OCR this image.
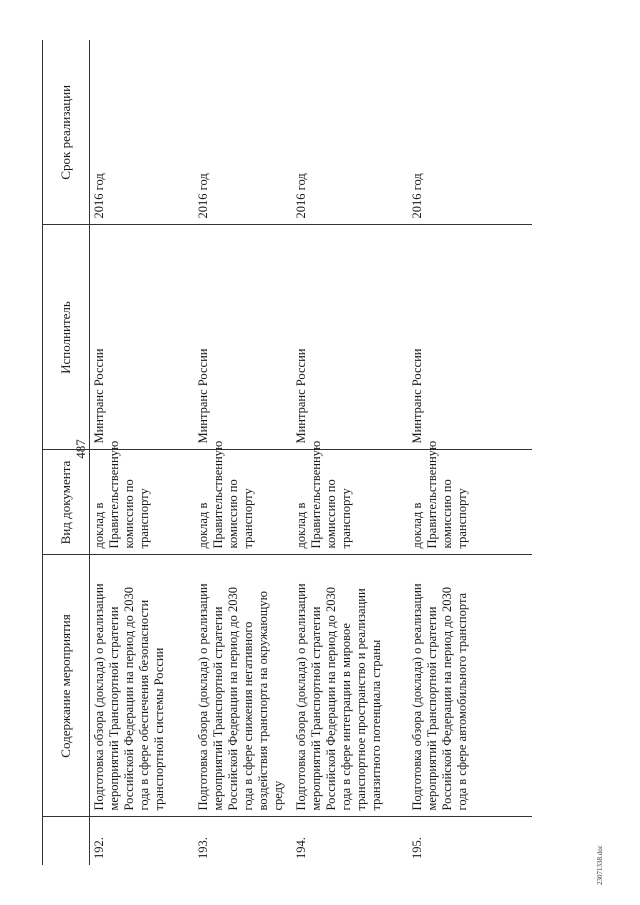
487
	Содержание мероприятия	Вид документа	Исполнитель	Срок реализации
192.	Подготовка обзора (доклада) о реализации мероприятий Транспортной стратегии Российской Федерации на период до 2030 года в сфере обеспечения безопасности транспортной системы России	доклад в Правительственную комиссию по транспорту	Минтранс России	2016 год
193.	Подготовка обзора (доклада) о реализации мероприятий Транспортной стратегии Российской Федерации на период до 2030 года в сфере снижения негативного воздействия транспорта на окружающую среду	доклад в Правительственную комиссию по транспорту	Минтранс России	2016 год
194.	Подготовка обзора (доклада) о реализации мероприятий Транспортной стратегии Российской Федерации на период до 2030 года в сфере интеграции в мировое транспортное пространство и реализации транзитного потенциала страны	доклад в Правительственную комиссию по транспорту	Минтранс России	2016 год
195.	Подготовка обзора (доклада) о реализации мероприятий Транспортной стратегии Российской Федерации на период до 2030 года в сфере автомобильного транспорта	доклад в Правительственную комиссию по транспорту	Минтранс России	2016 год
23071338.doc
